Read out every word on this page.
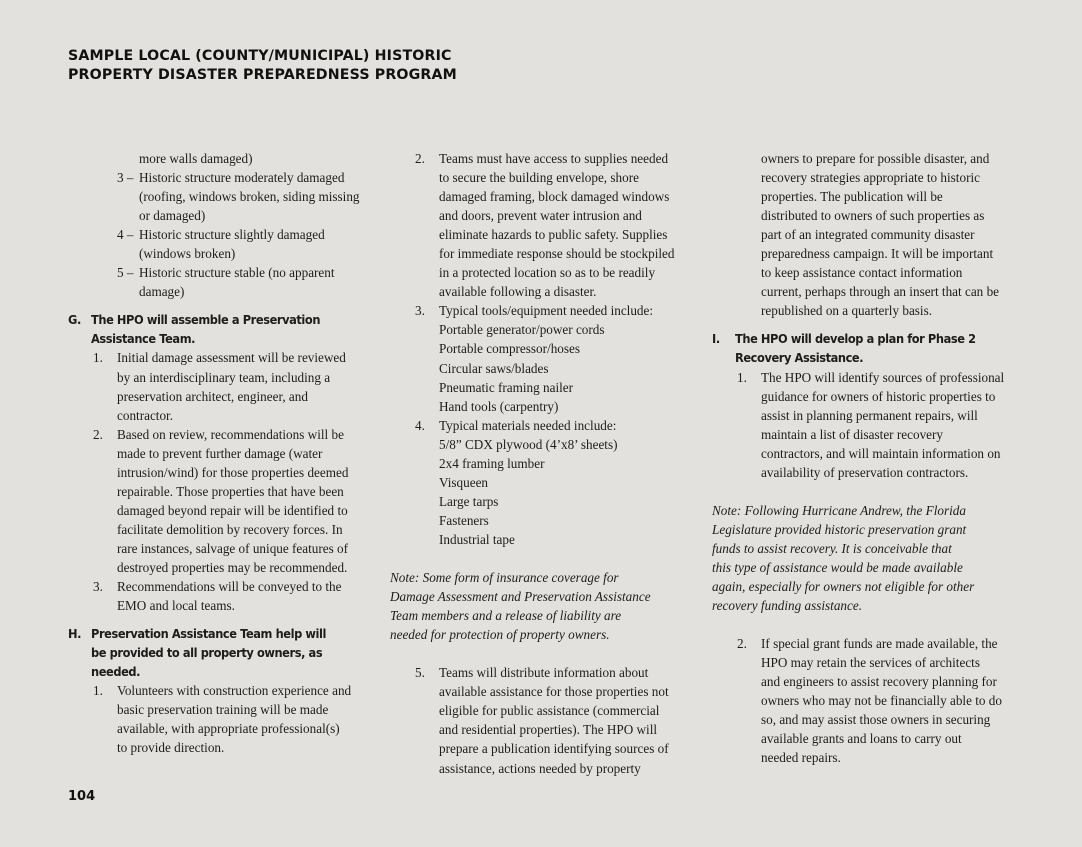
SAMPLE LOCAL (COUNTY/MUNICIPAL) HISTORIC
PROPERTY DISASTER PREPAREDNESS PROGRAM
more walls damaged)
3 – Historic structure moderately damaged
(roofing, windows broken, siding missing
or damaged)
4 – Historic structure slightly damaged
(windows broken)
5 – Historic structure stable (no apparent
damage)
G. The HPO will assemble a Preservation
Assistance Team.
1. Initial damage assessment will be reviewed
by an interdisciplinary team, including a
preservation architect, engineer, and
contractor.
2. Based on review, recommendations will be
made to prevent further damage (water
intrusion/wind) for those properties deemed
repairable. Those properties that have been
damaged beyond repair will be identified to
facilitate demolition by recovery forces. In
rare instances, salvage of unique features of
destroyed properties may be recommended.
3. Recommendations will be conveyed to the
EMO and local teams.
H. Preservation Assistance Team help will
be provided to all property owners, as
needed.
1. Volunteers with construction experience and
basic preservation training will be made
available, with appropriate professional(s)
to provide direction.
2. Teams must have access to supplies needed
to secure the building envelope, shore
damaged framing, block damaged windows
and doors, prevent water intrusion and
eliminate hazards to public safety. Supplies
for immediate response should be stockpiled
in a protected location so as to be readily
available following a disaster.
3. Typical tools/equipment needed include:
Portable generator/power cords
Portable compressor/hoses
Circular saws/blades
Pneumatic framing nailer
Hand tools (carpentry)
4. Typical materials needed include:
5/8” CDX plywood (4’x8’ sheets)
2x4 framing lumber
Visqueen
Large tarps
Fasteners
Industrial tape
Note: Some form of insurance coverage for
Damage Assessment and Preservation Assistance
Team members and a release of liability are
needed for protection of property owners.
5. Teams will distribute information about
available assistance for those properties not
eligible for public assistance (commercial
and residential properties). The HPO will
prepare a publication identifying sources of
assistance, actions needed by property
owners to prepare for possible disaster, and
recovery strategies appropriate to historic
properties. The publication will be
distributed to owners of such properties as
part of an integrated community disaster
preparedness campaign. It will be important
to keep assistance contact information
current, perhaps through an insert that can be
republished on a quarterly basis.
I. The HPO will develop a plan for Phase 2
Recovery Assistance.
1. The HPO will identify sources of professional
guidance for owners of historic properties to
assist in planning permanent repairs, will
maintain a list of disaster recovery
contractors, and will maintain information on
availability of preservation contractors.
Note: Following Hurricane Andrew, the Florida
Legislature provided historic preservation grant
funds to assist recovery. It is conceivable that
this type of assistance would be made available
again, especially for owners not eligible for other
recovery funding assistance.
2. If special grant funds are made available, the
HPO may retain the services of architects
and engineers to assist recovery planning for
owners who may not be financially able to do
so, and may assist those owners in securing
available grants and loans to carry out
needed repairs.
104
